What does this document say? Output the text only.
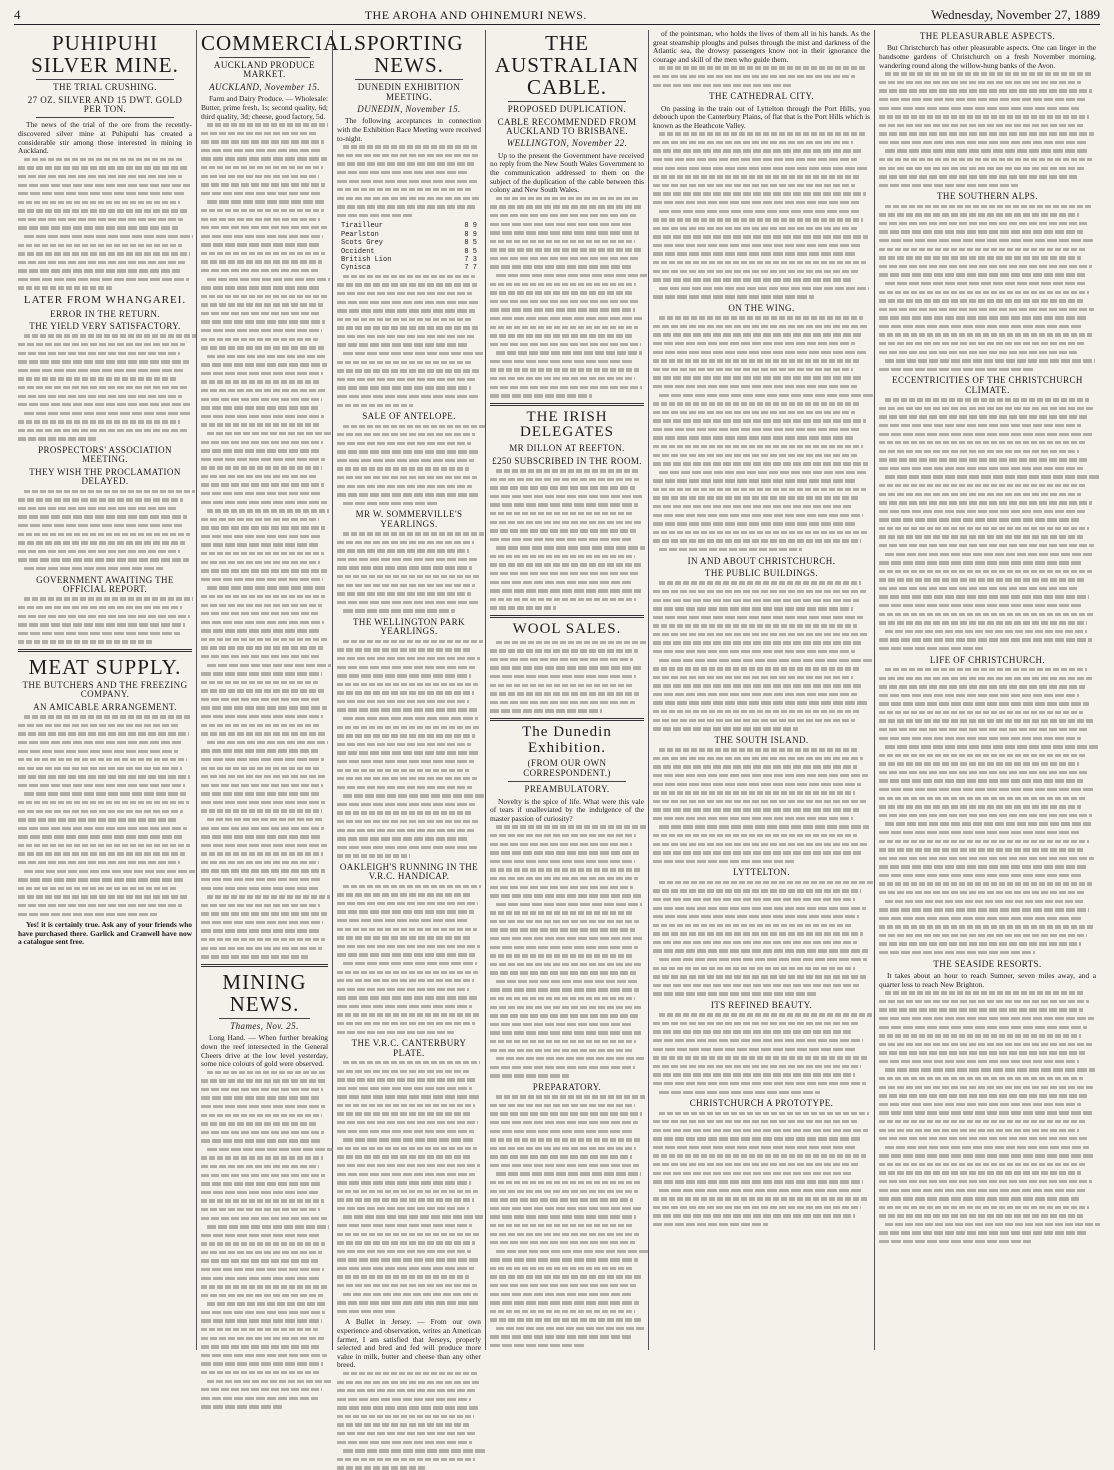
4	THE AROHA AND OHINEMURI NEWS.	Wednesday, November 27, 1889
PUHIPUHI SILVER MINE.
THE TRIAL CRUSHING.
27 OZ. SILVER AND 15 DWT. GOLD PER TON.

The news of the trial of the ore from the recently-discovered silver mine at Puhipuhi has created a considerable stir among those interested in mining in Auckland.

LATER FROM WHANGAREI.
ERROR IN THE RETURN.
THE YIELD VERY SATISFACTORY.
PROSPECTORS' ASSOCIATION MEETING.
THEY WISH THE PROCLAMATION DELAYED.
GOVERNMENT AWAITING THE OFFICIAL REPORT.
MEAT SUPPLY.
THE BUTCHERS AND THE FREEZING COMPANY.
AN AMICABLE ARRANGEMENT.

Yes! it is certainly true. Ask any of your friends who have purchased there. Garlick and Cranwell have now a catalogue sent free.

COMMERCIAL.
AUCKLAND PRODUCE MARKET.
AUCKLAND, November 15.

Farm and Dairy Produce. — Wholesale: Butter, prime fresh, 1s; second quality, 6d; third quality, 3d; cheese, good factory, 5d.

MINING NEWS.
Thames, Nov. 25.

Long Hand. — When further breaking down the reef intersected in the General Cheers drive at the low level yesterday, some nice colours of gold were observed.

SPORTING NEWS.
DUNEDIN EXHIBITION MEETING.
DUNEDIN, November 15.

The following acceptances in connection with the Exhibition Race Meeting were received to-night.

Tirailleur	8 9
Pearlston	8 9
Scots Grey	8 5
Occident	8 5
British Lion	7 3
Cynisca	7 7
SALE OF ANTELOPE.
MR W. SOMMERVILLE'S YEARLINGS.
THE WELLINGTON PARK YEARLINGS.
OAKLEIGH'S RUNNING IN THE V.R.C. HANDICAP.
THE V.R.C. CANTERBURY PLATE.

A Bullet in Jersey. — From our own experience and observation, writes an American farmer, I am satisfied that Jerseys, properly selected and bred and fed will produce more value in milk, butter and cheese than any other breed.

THE AUSTRALIAN CABLE.
PROPOSED DUPLICATION.
CABLE RECOMMENDED FROM AUCKLAND TO BRISBANE.
WELLINGTON, November 22.

Up to the present the Government have received no reply from the New South Wales Government to the communication addressed to them on the subject of the duplication of the cable between this colony and New South Wales.

THE IRISH DELEGATES
MR DILLON AT REEFTON.
£250 SUBSCRIBED IN THE ROOM.
WOOL SALES.
The Dunedin Exhibition.
(FROM OUR OWN CORRESPONDENT.)
PREAMBULATORY.

Novelty is the spice of life. What were this vale of tears if unalleviated by the indulgence of the master passion of curiosity?

PREPARATORY.

of the pointsman, who holds the lives of them all in his hands. As the great steamship ploughs and pulses through the mist and darkness of the Atlantic sea, the drowsy passengers know not in their ignorance the courage and skill of the men who guide them.

THE CATHEDRAL CITY.

On passing in the train out of Lyttelton through the Port Hills, you debouch upon the Canterbury Plains, of flat that is the Port Hills which is known as the Heathcote Valley.

ON THE WING.
IN AND ABOUT CHRISTCHURCH.
THE PUBLIC BUILDINGS.
THE SOUTH ISLAND.
LYTTELTON.
ITS REFINED BEAUTY.
CHRISTCHURCH A PROTOTYPE.
THE PLEASURABLE ASPECTS.

But Christchurch has other pleasurable aspects. One can linger in the handsome gardens of Christchurch on a fresh November morning, wandering round along the willow-hung banks of the Avon.

THE SOUTHERN ALPS.
ECCENTRICITIES OF THE CHRISTCHURCH CLIMATE.
LIFE OF CHRISTCHURCH.
THE SEASIDE RESORTS.

It takes about an hour to reach Sumner, seven miles away, and a quarter less to reach New Brighton.
